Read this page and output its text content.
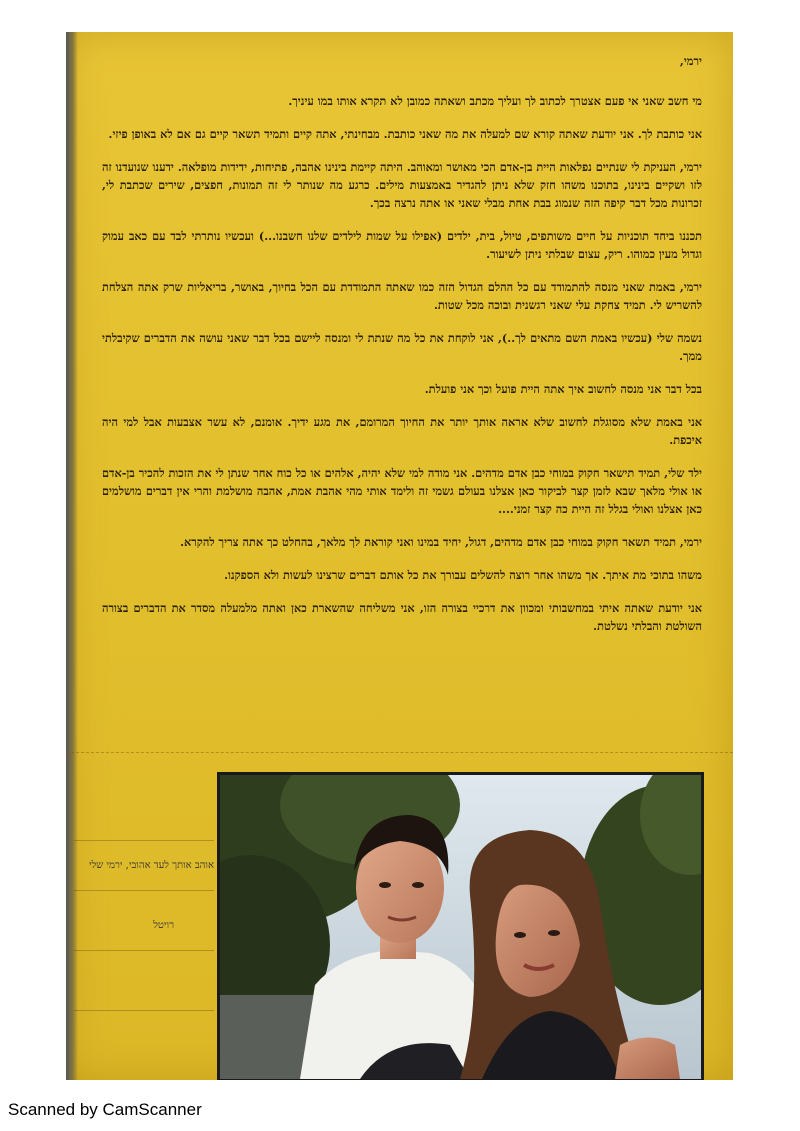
ירמי,

מי חשב שאני אי פעם אצטרך לכתוב לך ועליך מכתב ושאתה כמובן לא תקרא אותו במו עיניך.

אני כותבת לך. אני יודעת שאתה קורא שם למעלה את מה שאני כותבת. מבחינתי, אתה קיים ותמיד תשאר קיים גם אם לא באופן פיזי.

ירמי, העניקת לי שנתיים נפלאות היית בן-אדם הכי מאושר ומאוהב. היתה קיימת בינינו אהבה, פתיחות, ידידות מופלאה. ידענו שנועדנו זה לזו ושקיים בינינו, בתוכנו משהו חזק שלא ניתן להגדיר באמצעות מילים. כרגע מה שנותר לי זה תמונות, חפצים, שירים שכתבת לי, זכרונות מכל דבר קיפה הזה שנמוג בבת אחת מבלי שאני או אתה נרצה בכך.

תכננו ביחד תוכניות על חיים משותפים, טיול, בית, ילדים (אפילו על שמות לילדים שלנו חשבנו...) ועכשיו נותרתי לבד עם כאב עמוק וגדול מעין כמוהו. ריק, עצום שבלתי ניתן לשיעור.

ירמי, באמת שאני מנסה להתמודד עם כל ההלם הגדול הזה כמו שאתה התמודדת עם הכל בחיוך, באושר, בריאליות שרק אתה הצלחת להשריש לי. תמיד צחקת עלי שאני רגשנית ובוכה מכל שטות.

נשמה שלי (עכשיו באמת השם מתאים לך..), אני לוקחת את כל מה שנתת לי ומנסה ליישם בכל דבר שאני עושה את הדברים שקיבלתי ממך.

בכל דבר אני מנסה לחשוב איך אתה היית פועל וכך אני פועלת.

אני באמת שלא מסוגלת לחשוב שלא אראה אותך יותר את החיוך המרומם, את מגע ידיך. אומנם, לא עשר אצבעות אבל למי היה איכפת.

ילד שלי, תמיד תישאר חקוק במוחי כבן אדם מדהים. אני מודה למי שלא יהיה, אלהים או כל כוח אחר שנתן לי את הזכות להכיר בן-אדם או אולי מלאך שבא לזמן קצר לביקור כאן אצלנו בעולם גשמי זה ולימד אותי מהי אהבת אמת, אהבה מושלמת והרי אין דברים מושלמים כאן אצלנו ואולי בגלל זה היית כה קצר זמני....

ירמי, תמיד תשאר חקוק במוחי כבן אדם מדהים, דגול, יחיד במינו ואני קוראת לך מלאך, בהחלט כך אתה צריך להקרא.

משהו בתוכי מת איתך. אך משהו אחר רוצה להשלים עבורך את כל אותם דברים שרצינו לעשות ולא הספקנו.

אני יודעת שאתה איתי במחשבותי ומכוון את דרכיי בצורה הזו, אני משליחה שהשארת כאן ואתה מלמעלה מסדר את הדברים בצורה השולטת והבלתי נשלטת.

אוהב אותך לעד אהובי, ירמי שלי
רויטל
Scanned by CamScanner
